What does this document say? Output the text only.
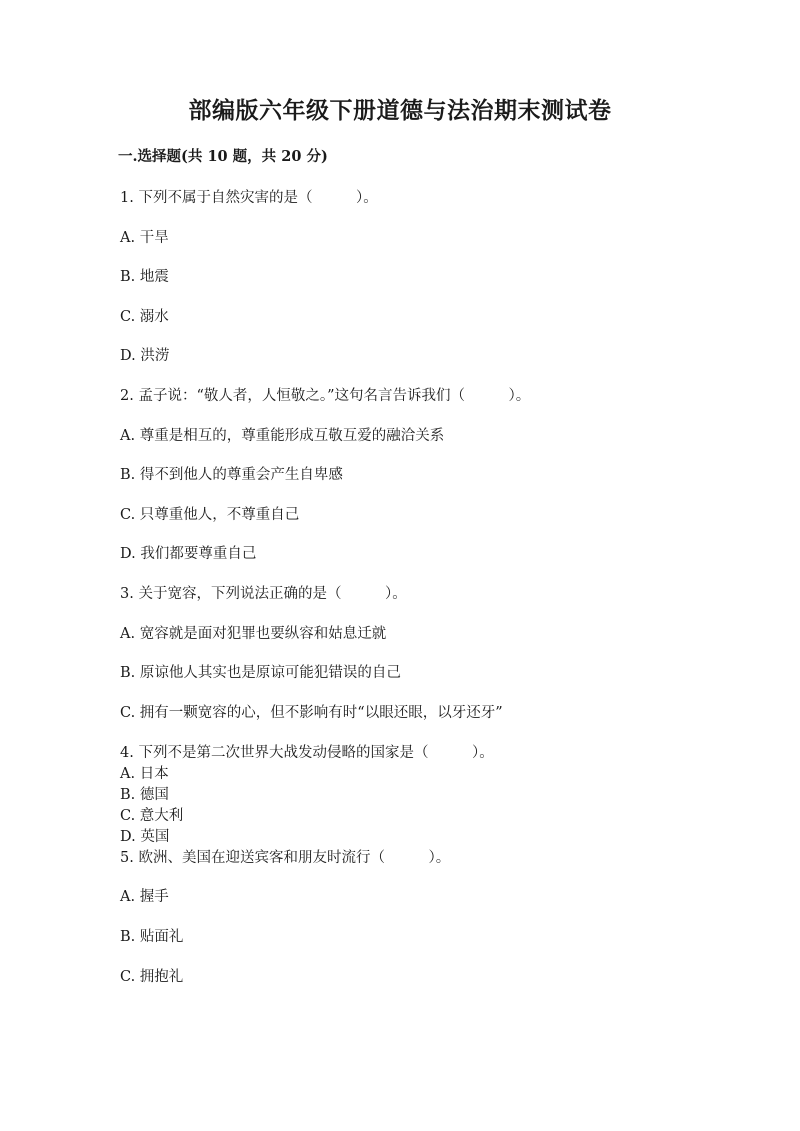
部编版六年级下册道德与法治期末测试卷
一.选择题(共 10 题，共 20 分)
1. 下列不属于自然灾害的是（　　　）。
A. 干旱
B. 地震
C. 溺水
D. 洪涝
2. 孟子说：“敬人者，人恒敬之。”这句名言告诉我们（　　　）。
A. 尊重是相互的，尊重能形成互敬互爱的融洽关系
B. 得不到他人的尊重会产生自卑感
C. 只尊重他人，不尊重自己
D. 我们都要尊重自己
3. 关于宽容，下列说法正确的是（　　　）。
A. 宽容就是面对犯罪也要纵容和姑息迁就
B. 原谅他人其实也是原谅可能犯错误的自己
C. 拥有一颗宽容的心，但不影响有时“以眼还眼，以牙还牙”
4. 下列不是第二次世界大战发动侵略的国家是（　　　）。
A. 日本
B. 德国
C. 意大利
D. 英国
5. 欧洲、美国在迎送宾客和朋友时流行（　　　）。
A. 握手
B. 贴面礼
C. 拥抱礼
